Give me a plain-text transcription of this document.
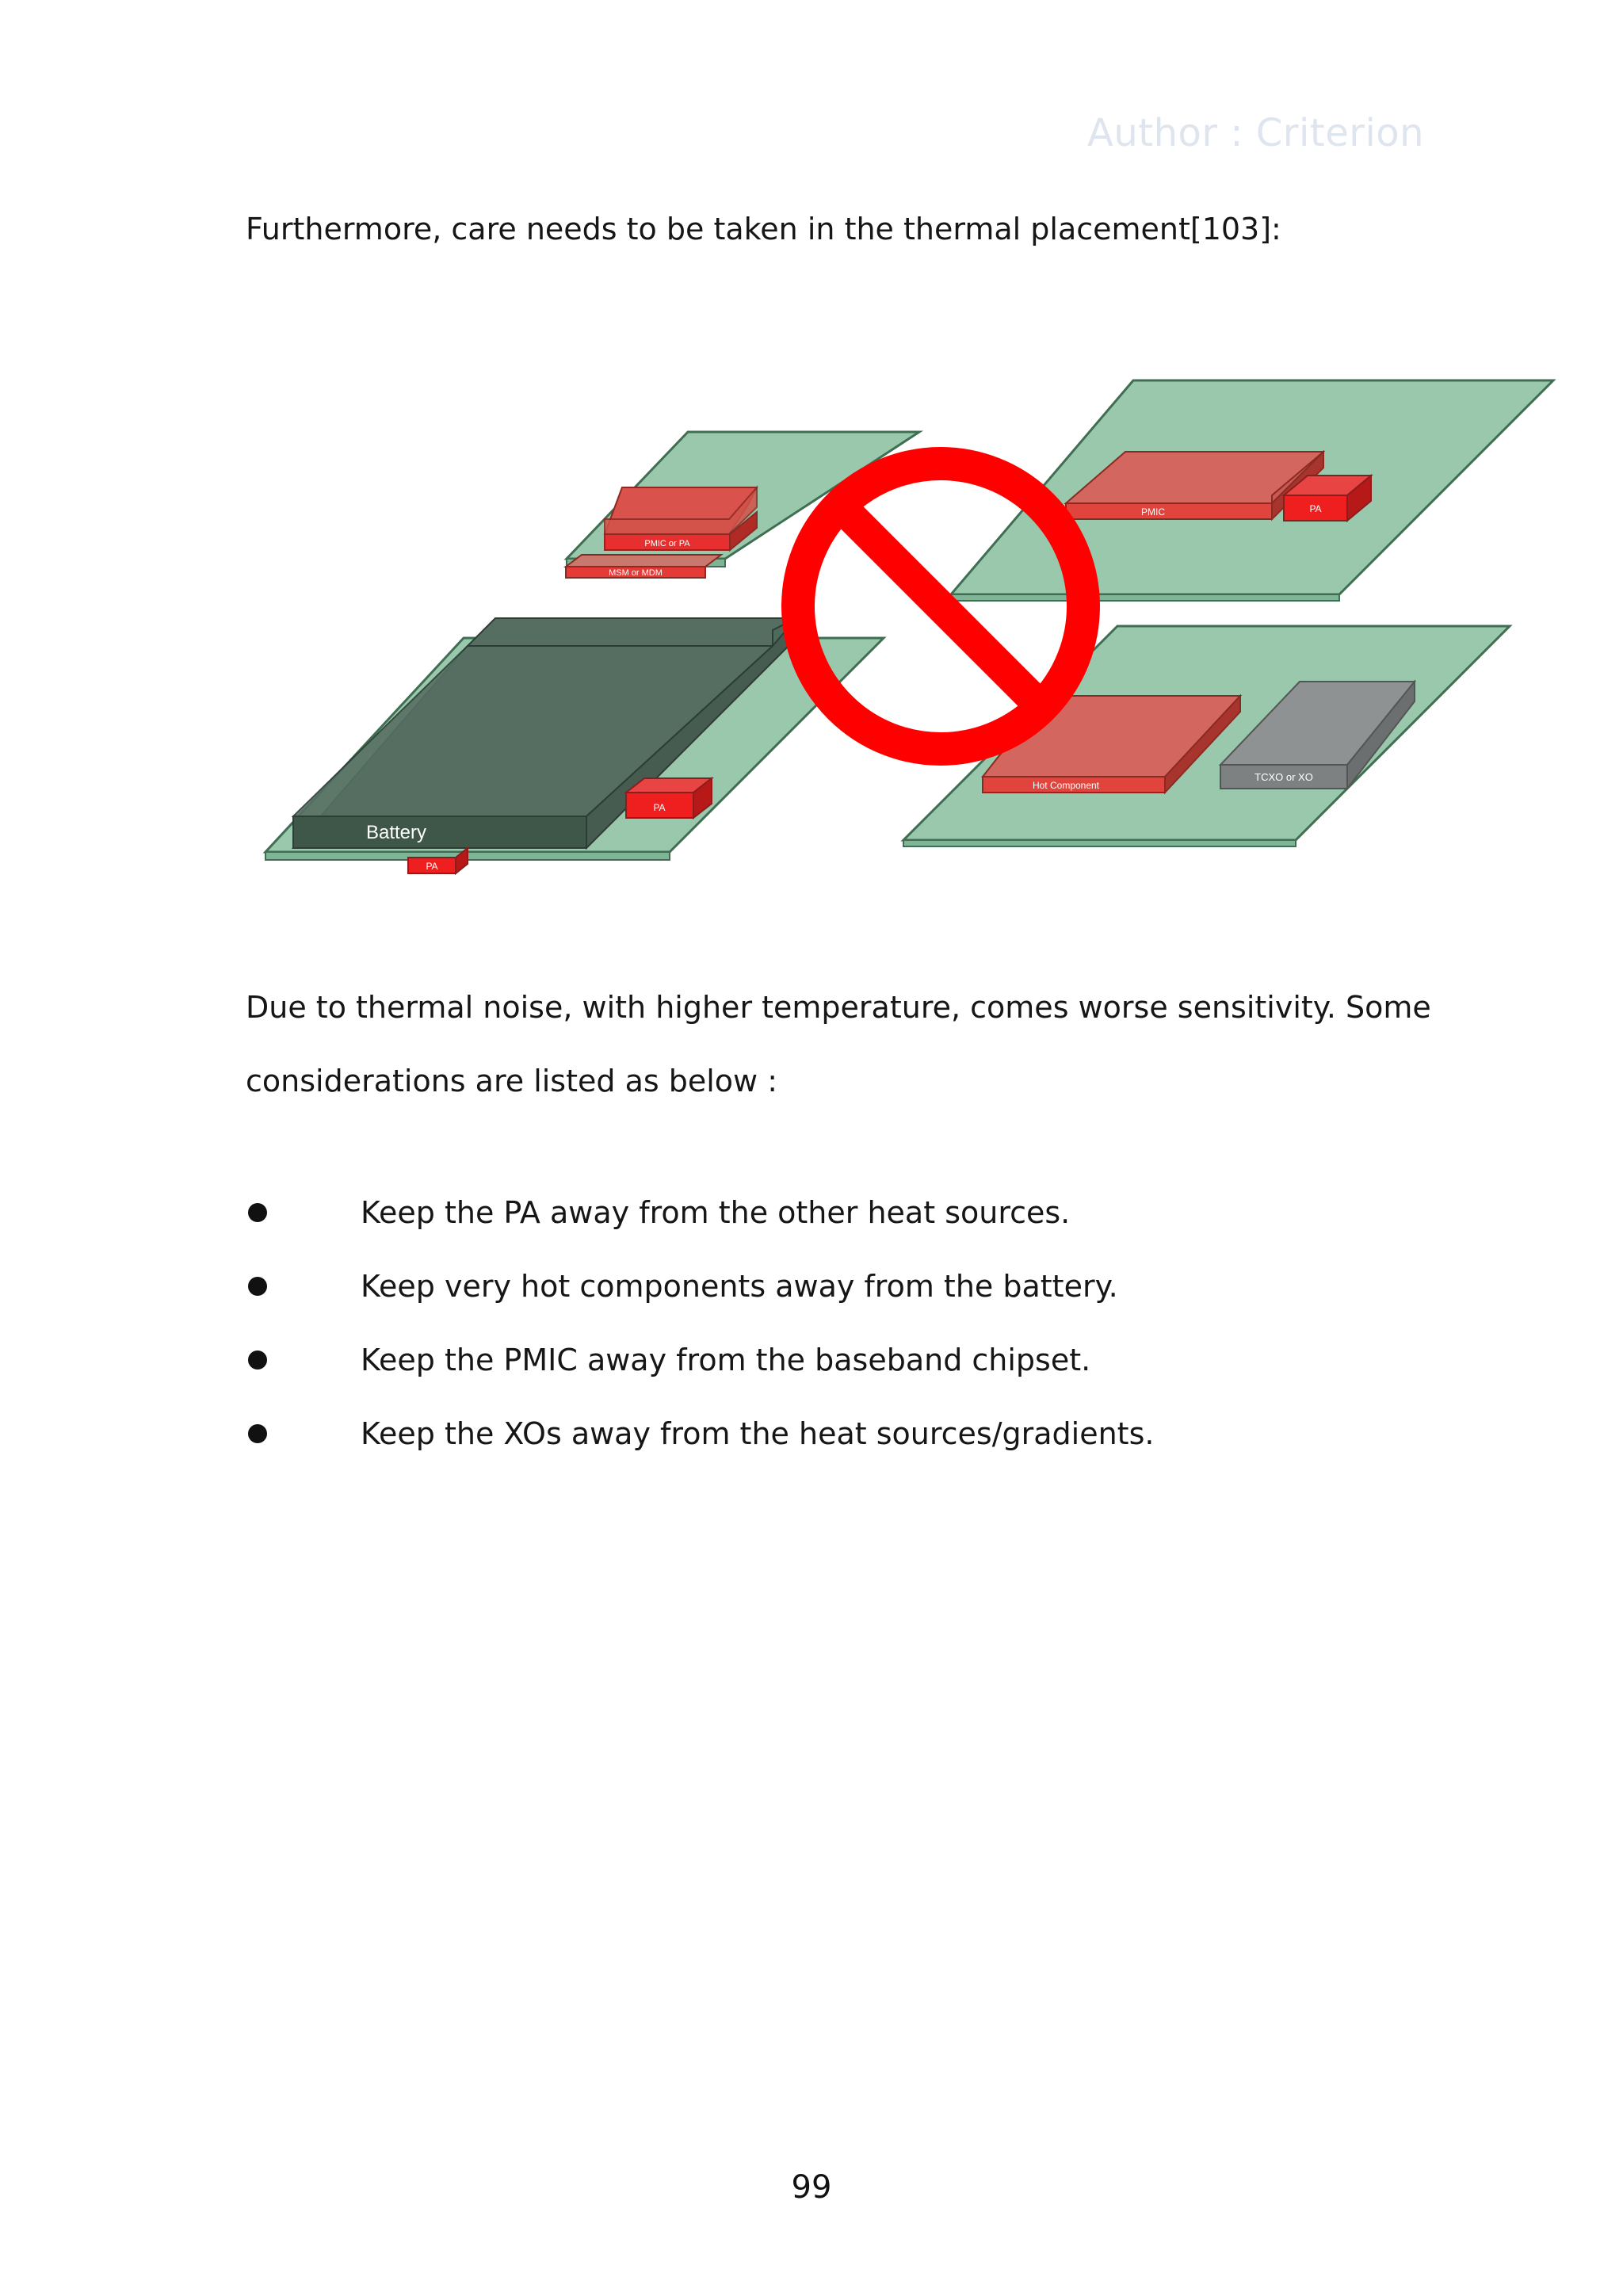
Author : Criterion
Furthermore, care needs to be taken in the thermal placement[103]:
MSM or MDM
PMIC or PA
Battery
PA
PA
PMIC	PA
TCXO or XO
Hot Component

Due to thermal noise, with higher temperature, comes worse sensitivity. Some

considerations are listed as below :

Keep the PA away from the other heat sources.
Keep very hot components away from the battery.
Keep the PMIC away from the baseband chipset.
Keep the XOs away from the heat sources/gradients.
99
